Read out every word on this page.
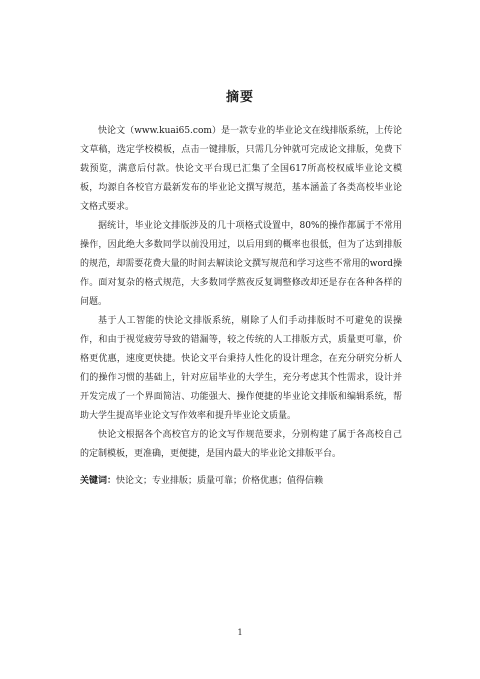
摘要

快论文（www.kuai65.com）是一款专业的毕业论文在线排版系统，上传论文草稿，选定学校模板，点击一键排版，只需几分钟就可完成论文排版，免费下载预览，满意后付款。快论文平台现已汇集了全国617所高校权威毕业论文模板，均源自各校官方最新发布的毕业论文撰写规范，基本涵盖了各类高校毕业论文格式要求。

据统计，毕业论文排版涉及的几十项格式设置中，80%的操作都属于不常用操作，因此绝大多数同学以前没用过，以后用到的概率也很低，但为了达到排版的规范，却需要花费大量的时间去解读论文撰写规范和学习这些不常用的word操作。面对复杂的格式规范，大多数同学熬夜反复调整修改却还是存在各种各样的问题。

基于人工智能的快论文排版系统，剔除了人们手动排版时不可避免的误操作，和由于视觉疲劳导致的错漏等，较之传统的人工排版方式，质量更可靠，价格更优惠，速度更快捷。快论文平台秉持人性化的设计理念，在充分研究分析人们的操作习惯的基础上，针对应届毕业的大学生，充分考虑其个性需求，设计并开发完成了一个界面简洁、功能强大、操作便捷的毕业论文排版和编辑系统，帮助大学生提高毕业论文写作效率和提升毕业论文质量。

快论文根据各个高校官方的论文写作规范要求，分别构建了属于各高校自己的定制模板，更准确，更便捷，是国内最大的毕业论文排版平台。

关键词：快论文；专业排版；质量可靠；价格优惠；值得信赖

1
